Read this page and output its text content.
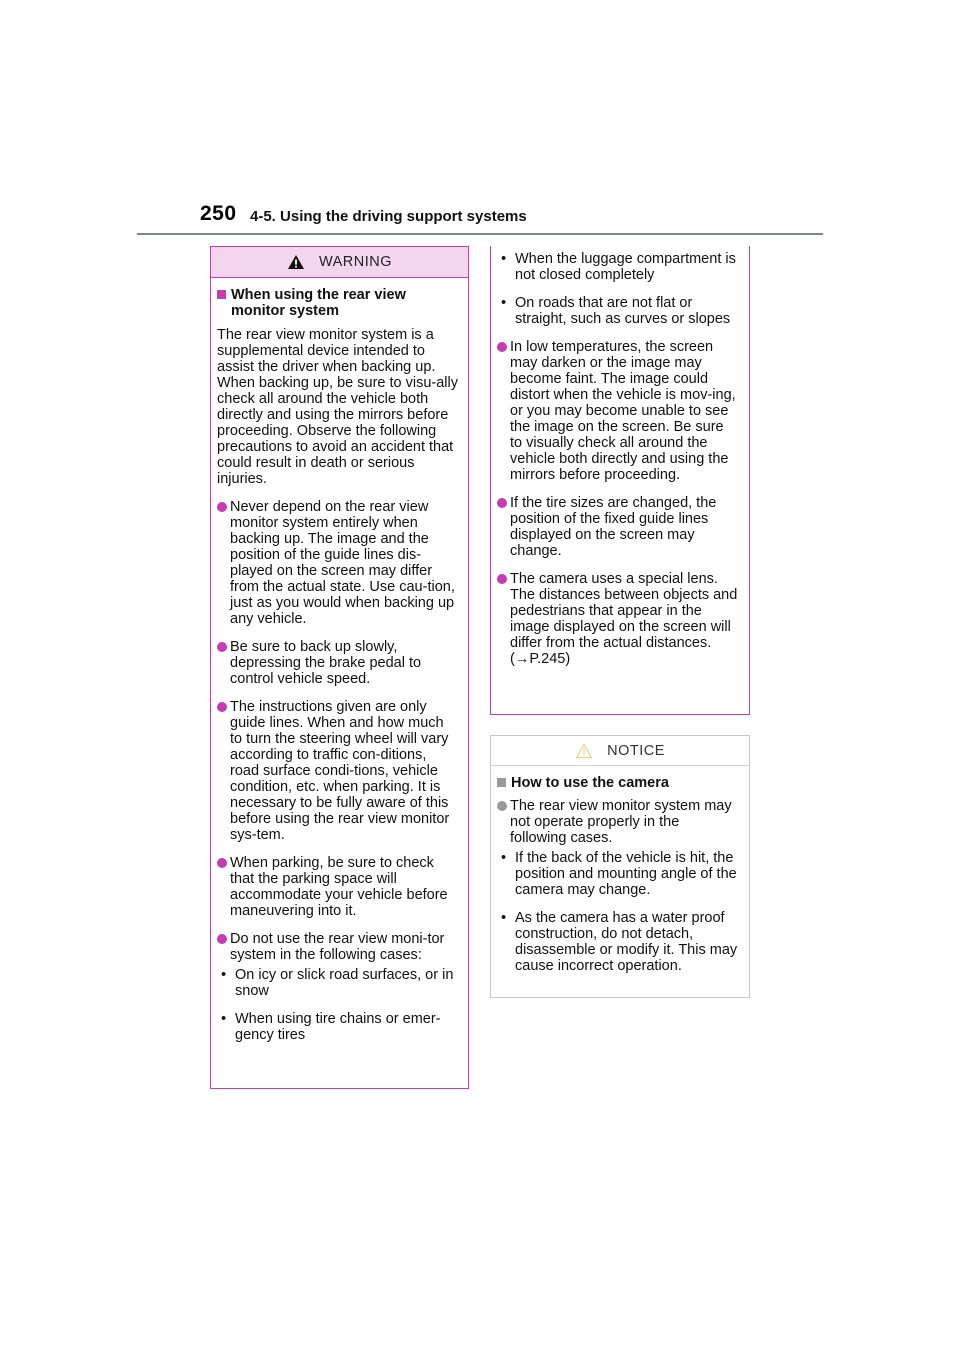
250 4-5. Using the driving support systems
WARNING
When using the rear view monitor system
The rear view monitor system is a supplemental device intended to assist the driver when backing up. When backing up, be sure to visu-ally check all around the vehicle both directly and using the mirrors before proceeding. Observe the following precautions to avoid an accident that could result in death or serious injuries.
Never depend on the rear view monitor system entirely when backing up. The image and the position of the guide lines dis-played on the screen may differ from the actual state. Use cau-tion, just as you would when backing up any vehicle.
Be sure to back up slowly, depressing the brake pedal to control vehicle speed.
The instructions given are only guide lines. When and how much to turn the steering wheel will vary according to traffic con-ditions, road surface condi-tions, vehicle condition, etc. when parking. It is necessary to be fully aware of this before using the rear view monitor sys-tem.
When parking, be sure to check that the parking space will accommodate your vehicle before maneuvering into it.
Do not use the rear view moni-tor system in the following cases:
• On icy or slick road surfaces, or in snow
• When using tire chains or emer-gency tires
• When the luggage compartment is not closed completely
• On roads that are not flat or straight, such as curves or slopes
In low temperatures, the screen may darken or the image may become faint. The image could distort when the vehicle is mov-ing, or you may become unable to see the image on the screen. Be sure to visually check all around the vehicle both directly and using the mirrors before proceeding.
If the tire sizes are changed, the position of the fixed guide lines displayed on the screen may change.
The camera uses a special lens. The distances between objects and pedestrians that appear in the image displayed on the screen will differ from the actual distances. (→P.245)
NOTICE
How to use the camera
The rear view monitor system may not operate properly in the following cases.
• If the back of the vehicle is hit, the position and mounting angle of the camera may change.
• As the camera has a water proof construction, do not detach, disassemble or modify it. This may cause incorrect operation.
